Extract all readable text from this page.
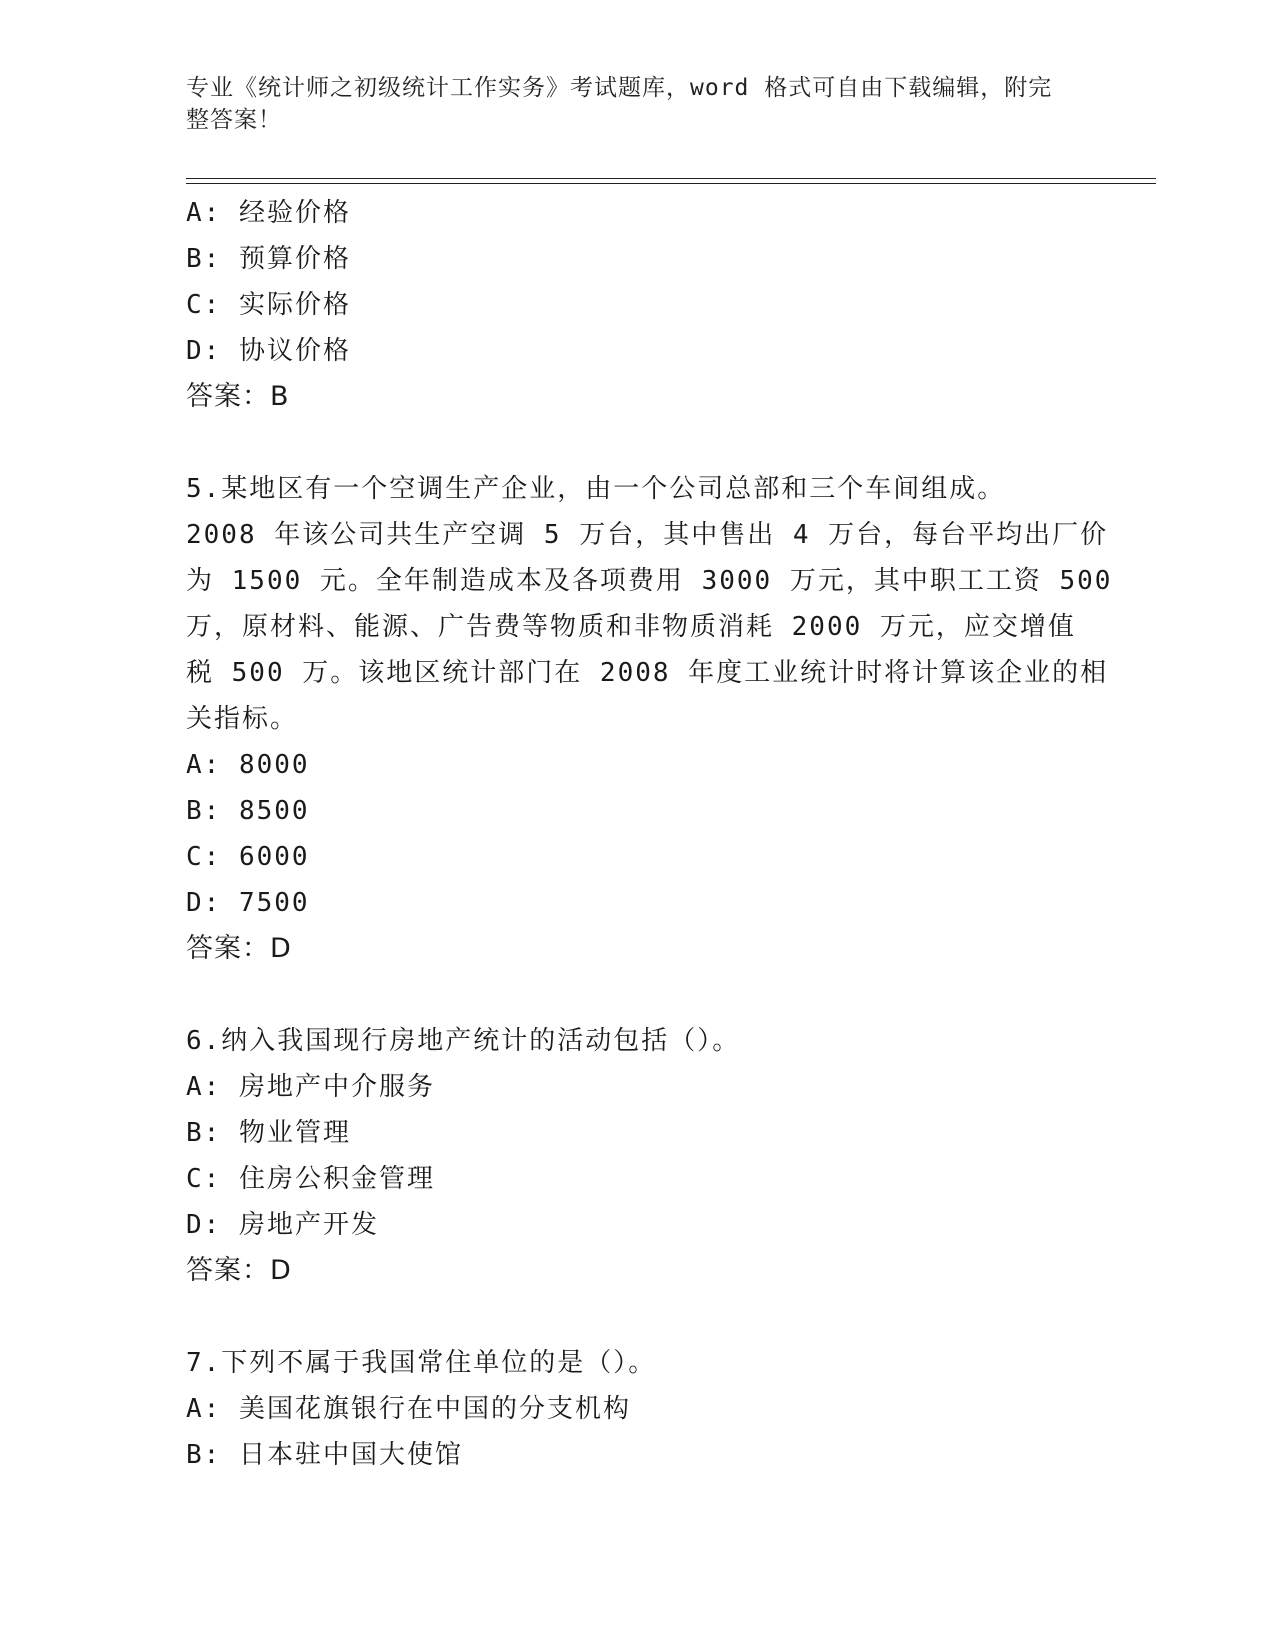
专业《统计师之初级统计工作实务》考试题库，word 格式可自由下载编辑，附完
整答案！
A: 经验价格
B: 预算价格
C: 实际价格
D: 协议价格
答案：B
5.某地区有一个空调生产企业，由一个公司总部和三个车间组成。
2008 年该公司共生产空调 5 万台，其中售出 4 万台，每台平均出厂价
为 1500 元。全年制造成本及各项费用 3000 万元，其中职工工资 500
万，原材料、能源、广告费等物质和非物质消耗 2000 万元，应交增值
税 500 万。该地区统计部门在 2008 年度工业统计时将计算该企业的相
关指标。
A: 8000
B: 8500
C: 6000
D: 7500
答案：D
6.纳入我国现行房地产统计的活动包括（）。
A: 房地产中介服务
B: 物业管理
C: 住房公积金管理
D: 房地产开发
答案：D
7.下列不属于我国常住单位的是（）。
A: 美国花旗银行在中国的分支机构
B: 日本驻中国大使馆
